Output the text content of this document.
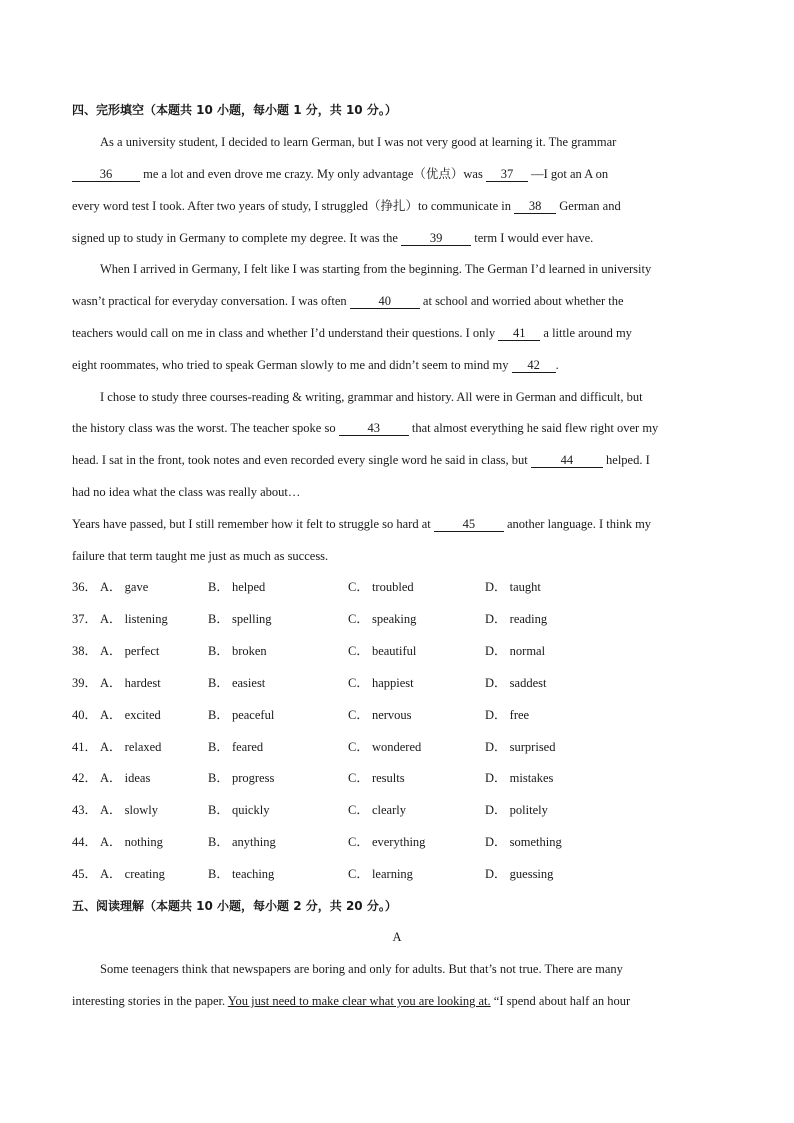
四、完形填空（本题共 10 小题，每小题 1 分，共 10 分。）
As a university student, I decided to learn German, but I was not very good at learning it. The grammar
36 me a lot and even drove me crazy. My only advantage（优点）was 37 —I got an A on
every word test I took. After two years of study, I struggled（挣扎）to communicate in 38 German and
signed up to study in Germany to complete my degree. It was the 39 term I would ever have.
When I arrived in Germany, I felt like I was starting from the beginning. The German I’d learned in university
wasn’t practical for everyday conversation. I was often 40 at school and worried about whether the
teachers would call on me in class and whether I’d understand their questions. I only 41 a little around my
eight roommates, who tried to speak German slowly to me and didn’t seem to mind my 42 .
I chose to study three courses-reading & writing, grammar and history. All were in German and difficult, but
the history class was the worst. The teacher spoke so 43 that almost everything he said flew right over my
head. I sat in the front, took notes and even recorded every single word he said in class, but 44 helped. I
had no idea what the class was really about…
Years have passed, but I still remember how it felt to struggle so hard at 45 another language. I think my
failure that term taught me just as much as success.
36． A． gave	B． helped	C． troubled	D． taught
37． A． listening	B． spelling	C． speaking	D． reading
38． A． perfect	B． broken	C． beautiful	D． normal
39． A． hardest	B． easiest	C． happiest	D． saddest
40． A． excited	B． peaceful	C． nervous	D． free
41． A． relaxed	B． feared	C． wondered	D． surprised
42． A． ideas	B． progress	C． results	D． mistakes
43． A． slowly	B． quickly	C． clearly	D． politely
44． A． nothing	B． anything	C． everything	D． something
45． A． creating	B． teaching	C． learning	D． guessing
五、阅读理解（本题共 10 小题，每小题 2 分，共 20 分。）
A
Some teenagers think that newspapers are boring and only for adults. But that’s not true. There are many
interesting stories in the paper. You just need to make clear what you are looking at. “I spend about half an hour
